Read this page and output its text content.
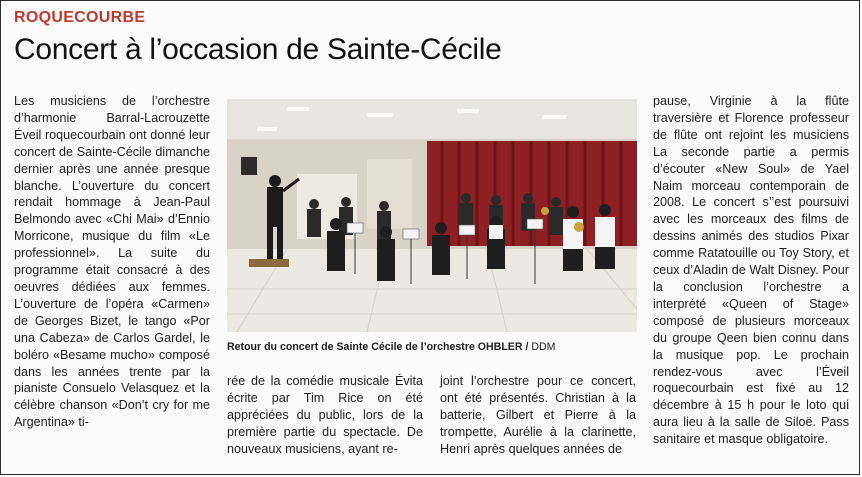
ROQUECOURBE
Concert à l’occasion de Sainte-Cécile
Les musiciens de l’orchestre d’harmonie Barral-Lacrouzette Éveil roquecourbain ont donné leur concert de Sainte-Cécile dimanche dernier après une année presque blanche. L’ouverture du concert rendait hommage à Jean-Paul Belmondo avec «Chi Mai» d’Ennio Morricone, musique du film «Le professionnel». La suite du programme était consacré à des oeuvres dédiées aux femmes. L’ouverture de l’opéra «Carmen» de Georges Bizet, le tango «Por una Cabeza» de Carlos Gardel, le boléro «Besame mucho» composé dans les années trente par la pianiste Consuelo Velasquez et la célèbre chanson «Don’t cry for me Argentina» ti-
Retour du concert de Sainte Cécile de l’orchestre OHBLER / DDM
rée de la comédie musicale Évita écrite par Tim Rice on été appréciées du public, lors de la première partie du spectacle. De nouveaux musiciens, ayant re-
joint l’orchestre pour ce concert, ont été présentés. Christian à la batterie, Gilbert et Pierre à la trompette, Aurélie à la clarinette, Henri après quelques années de
pause, Virginie à la flûte traversière et Florence professeur de flûte ont rejoint les musiciens La seconde partie a permis d’écouter «New Soul» de Yael Naim morceau contemporain de 2008. Le concert s’’est poursuivi avec les morceaux des films de dessins animés des studios Pixar comme Ratatouille ou Toy Story, et ceux d’Aladin de Walt Disney. Pour la conclusion l’orchestre a interprété «Queen of Stage» composé de plusieurs morceaux du groupe Qeen bien connu dans la musique pop. Le prochain rendez-vous avec l’Éveil roquecourbain est fixé au 12 décembre à 15 h pour le loto qui aura lieu à la salle de Siloë. Pass sanitaire et masque obligatoire.
